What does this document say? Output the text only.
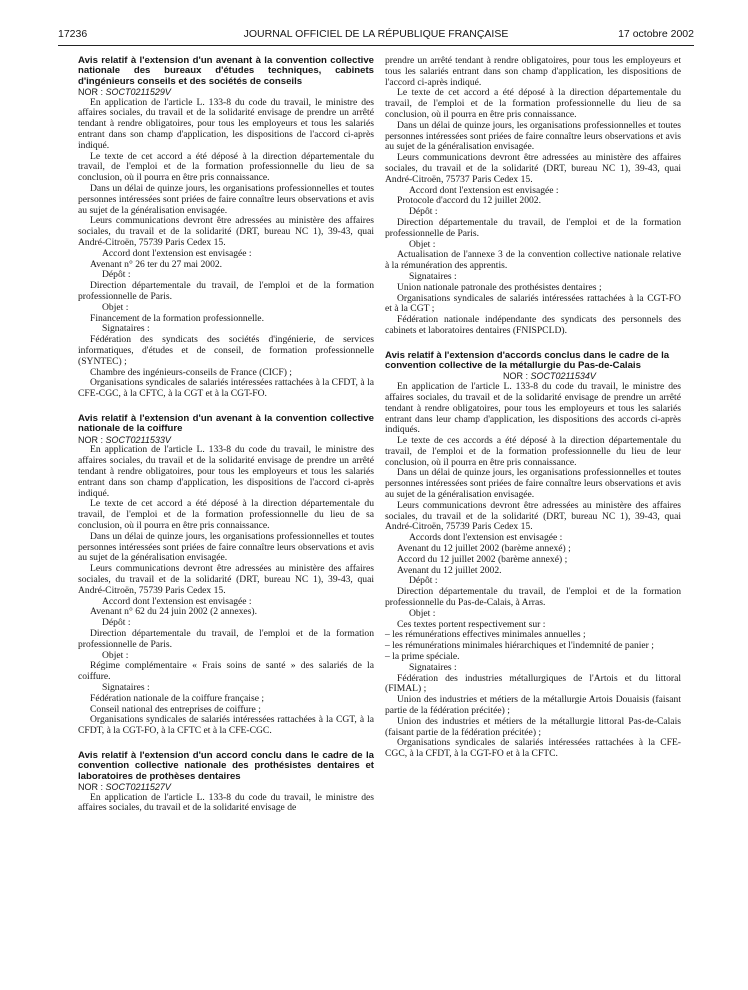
17236	JOURNAL OFFICIEL DE LA RÉPUBLIQUE FRANÇAISE	17 octobre 2002

Avis relatif à l'extension d'un avenant à la convention collective nationale des bureaux d'études techniques, cabinets d'ingénieurs conseils et des sociétés de conseils

NOR : SOCT0211529V

En application de l'article L. 133-8 du code du travail, le ministre des affaires sociales, du travail et de la solidarité envisage de prendre un arrêté tendant à rendre obligatoires, pour tous les employeurs et tous les salariés entrant dans son champ d'application, les dispositions de l'accord ci-après indiqué.

Le texte de cet accord a été déposé à la direction départementale du travail, de l'emploi et de la formation professionnelle du lieu de sa conclusion, où il pourra en être pris connaissance.

Dans un délai de quinze jours, les organisations professionnelles et toutes personnes intéressées sont priées de faire connaître leurs observations et avis au sujet de la généralisation envisagée.

Leurs communications devront être adressées au ministère des affaires sociales, du travail et de la solidarité (DRT, bureau NC 1), 39-43, quai André-Citroën, 75739 Paris Cedex 15.

Accord dont l'extension est envisagée :

Avenant n° 26 ter du 27 mai 2002.

Dépôt :

Direction départementale du travail, de l'emploi et de la formation professionnelle de Paris.

Objet :

Financement de la formation professionnelle.

Signataires :

Fédération des syndicats des sociétés d'ingénierie, de services informatiques, d'études et de conseil, de formation professionnelle (SYNTEC) ;

Chambre des ingénieurs-conseils de France (CICF) ;

Organisations syndicales de salariés intéressées rattachées à la CFDT, à la CFE-CGC, à la CFTC, à la CGT et à la CGT-FO.

Avis relatif à l'extension d'un avenant à la convention collective nationale de la coiffure

NOR : SOCT0211533V

En application de l'article L. 133-8 du code du travail, le ministre des affaires sociales, du travail et de la solidarité envisage de prendre un arrêté tendant à rendre obligatoires, pour tous les employeurs et tous les salariés entrant dans son champ d'application, les dispositions de l'accord ci-après indiqué.

Le texte de cet accord a été déposé à la direction départementale du travail, de l'emploi et de la formation professionnelle du lieu de sa conclusion, où il pourra en être pris connaissance.

Dans un délai de quinze jours, les organisations professionnelles et toutes personnes intéressées sont priées de faire connaître leurs observations et avis au sujet de la généralisation envisagée.

Leurs communications devront être adressées au ministère des affaires sociales, du travail et de la solidarité (DRT, bureau NC 1), 39-43, quai André-Citroën, 75739 Paris Cedex 15.

Accord dont l'extension est envisagée :

Avenant n° 62 du 24 juin 2002 (2 annexes).

Dépôt :

Direction départementale du travail, de l'emploi et de la formation professionnelle de Paris.

Objet :

Régime complémentaire « Frais soins de santé » des salariés de la coiffure.

Signataires :

Fédération nationale de la coiffure française ;

Conseil national des entreprises de coiffure ;

Organisations syndicales de salariés intéressées rattachées à la CGT, à la CFDT, à la CGT-FO, à la CFTC et à la CFE-CGC.

Avis relatif à l'extension d'un accord conclu dans le cadre de la convention collective nationale des prothésistes dentaires et laboratoires de prothèses dentaires

NOR : SOCT0211527V

En application de l'article L. 133-8 du code du travail, le ministre des affaires sociales, du travail et de la solidarité envisage de

prendre un arrêté tendant à rendre obligatoires, pour tous les employeurs et tous les salariés entrant dans son champ d'application, les dispositions de l'accord ci-après indiqué.

Le texte de cet accord a été déposé à la direction départementale du travail, de l'emploi et de la formation professionnelle du lieu de sa conclusion, où il pourra en être pris connaissance.

Dans un délai de quinze jours, les organisations professionnelles et toutes personnes intéressées sont priées de faire connaître leurs observations et avis au sujet de la généralisation envisagée.

Leurs communications devront être adressées au ministère des affaires sociales, du travail et de la solidarité (DRT, bureau NC 1), 39-43, quai André-Citroën, 75737 Paris Cedex 15.

Accord dont l'extension est envisagée :

Protocole d'accord du 12 juillet 2002.

Dépôt :

Direction départementale du travail, de l'emploi et de la formation professionnelle de Paris.

Objet :

Actualisation de l'annexe 3 de la convention collective nationale relative à la rémunération des apprentis.

Signataires :

Union nationale patronale des prothésistes dentaires ;

Organisations syndicales de salariés intéressées rattachées à la CGT-FO et à la CGT ;

Fédération nationale indépendante des syndicats des personnels des cabinets et laboratoires dentaires (FNISPCLD).

Avis relatif à l'extension d'accords conclus dans le cadre de la convention collective de la métallurgie du Pas-de-Calais

NOR : SOCT0211534V

En application de l'article L. 133-8 du code du travail, le ministre des affaires sociales, du travail et de la solidarité envisage de prendre un arrêté tendant à rendre obligatoires, pour tous les employeurs et tous les salariés entrant dans leur champ d'application, les dispositions des accords ci-après indiqués.

Le texte de ces accords a été déposé à la direction départementale du travail, de l'emploi et de la formation professionnelle du lieu de leur conclusion, où il pourra en être pris connaissance.

Dans un délai de quinze jours, les organisations professionnelles et toutes personnes intéressées sont priées de faire connaître leurs observations et avis au sujet de la généralisation envisagée.

Leurs communications devront être adressées au ministère des affaires sociales, du travail et de la solidarité (DRT, bureau NC 1), 39-43, quai André-Citroën, 75739 Paris Cedex 15.

Accords dont l'extension est envisagée :

Avenant du 12 juillet 2002 (barème annexé) ;

Accord du 12 juillet 2002 (barème annexé) ;

Avenant du 12 juillet 2002.

Dépôt :

Direction départementale du travail, de l'emploi et de la formation professionnelle du Pas-de-Calais, à Arras.

Objet :

Ces textes portent respectivement sur :

– les rémunérations effectives minimales annuelles ;

– les rémunérations minimales hiérarchiques et l'indemnité de panier ;

– la prime spéciale.

Signataires :

Fédération des industries métallurgiques de l'Artois et du littoral (FIMAL) ;

Union des industries et métiers de la métallurgie Artois Douaisis (faisant partie de la fédération précitée) ;

Union des industries et métiers de la métallurgie littoral Pas-de-Calais (faisant partie de la fédération précitée) ;

Organisations syndicales de salariés intéressées rattachées à la CFE-CGC, à la CFDT, à la CGT-FO et à la CFTC.
